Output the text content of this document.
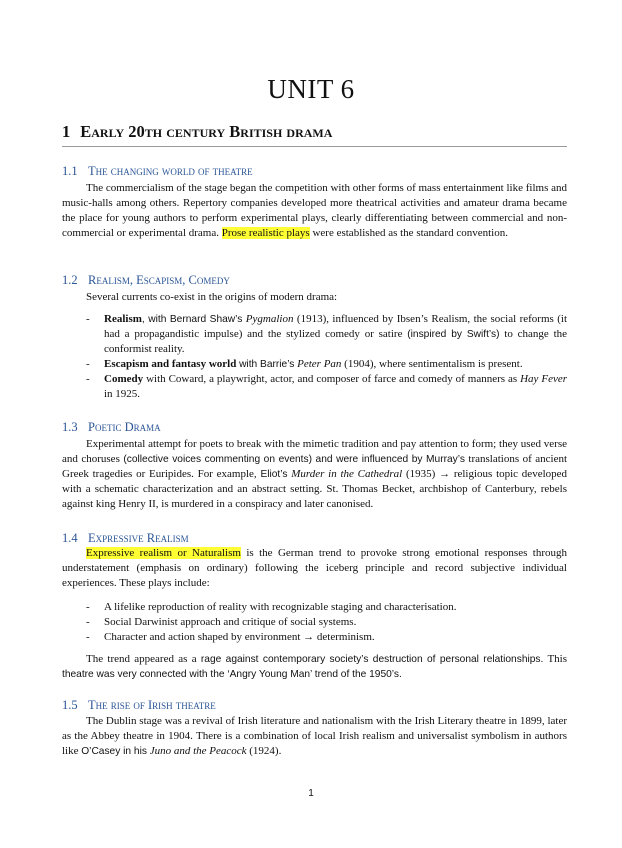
UNIT 6
1 Early 20th century British drama
1.1 The changing world of theatre
The commercialism of the stage began the competition with other forms of mass entertainment like films and music-halls among others. Repertory companies developed more theatrical activities and amateur drama became the place for young authors to perform experimental plays, clearly differentiating between commercial and non-commercial or experimental drama. Prose realistic plays were established as the standard convention.
1.2 Realism, Escapism, Comedy
Several currents co-exist in the origins of modern drama:
- Realism, with Bernard Shaw’s Pygmalion (1913), influenced by Ibsen’s Realism, the social reforms (it had a propagandistic impulse) and the stylized comedy or satire (inspired by Swift’s) to change the conformist reality.
- Escapism and fantasy world with Barrie’s Peter Pan (1904), where sentimentalism is present.
- Comedy with Coward, a playwright, actor, and composer of farce and comedy of manners as Hay Fever in 1925.
1.3 Poetic Drama
Experimental attempt for poets to break with the mimetic tradition and pay attention to form; they used verse and choruses (collective voices commenting on events) and were influenced by Murray’s translations of ancient Greek tragedies or Euripides. For example, Eliot’s Murder in the Cathedral (1935) → religious topic developed with a schematic characterization and an abstract setting. St. Thomas Becket, archbishop of Canterbury, rebels against king Henry II, is murdered in a conspiracy and later canonised.
1.4 Expressive Realism
Expressive realism or Naturalism is the German trend to provoke strong emotional responses through understatement (emphasis on ordinary) following the iceberg principle and record subjective individual experiences. These plays include:
- A lifelike reproduction of reality with recognizable staging and characterisation.
- Social Darwinist approach and critique of social systems.
- Character and action shaped by environment → determinism.
The trend appeared as a rage against contemporary society’s destruction of personal relationships. This theatre was very connected with the ‘Angry Young Man’ trend of the 1950’s.
1.5 The rise of Irish theatre
The Dublin stage was a revival of Irish literature and nationalism with the Irish Literary theatre in 1899, later as the Abbey theatre in 1904. There is a combination of local Irish realism and universalist symbolism in authors like O’Casey in his Juno and the Peacock (1924).
1
